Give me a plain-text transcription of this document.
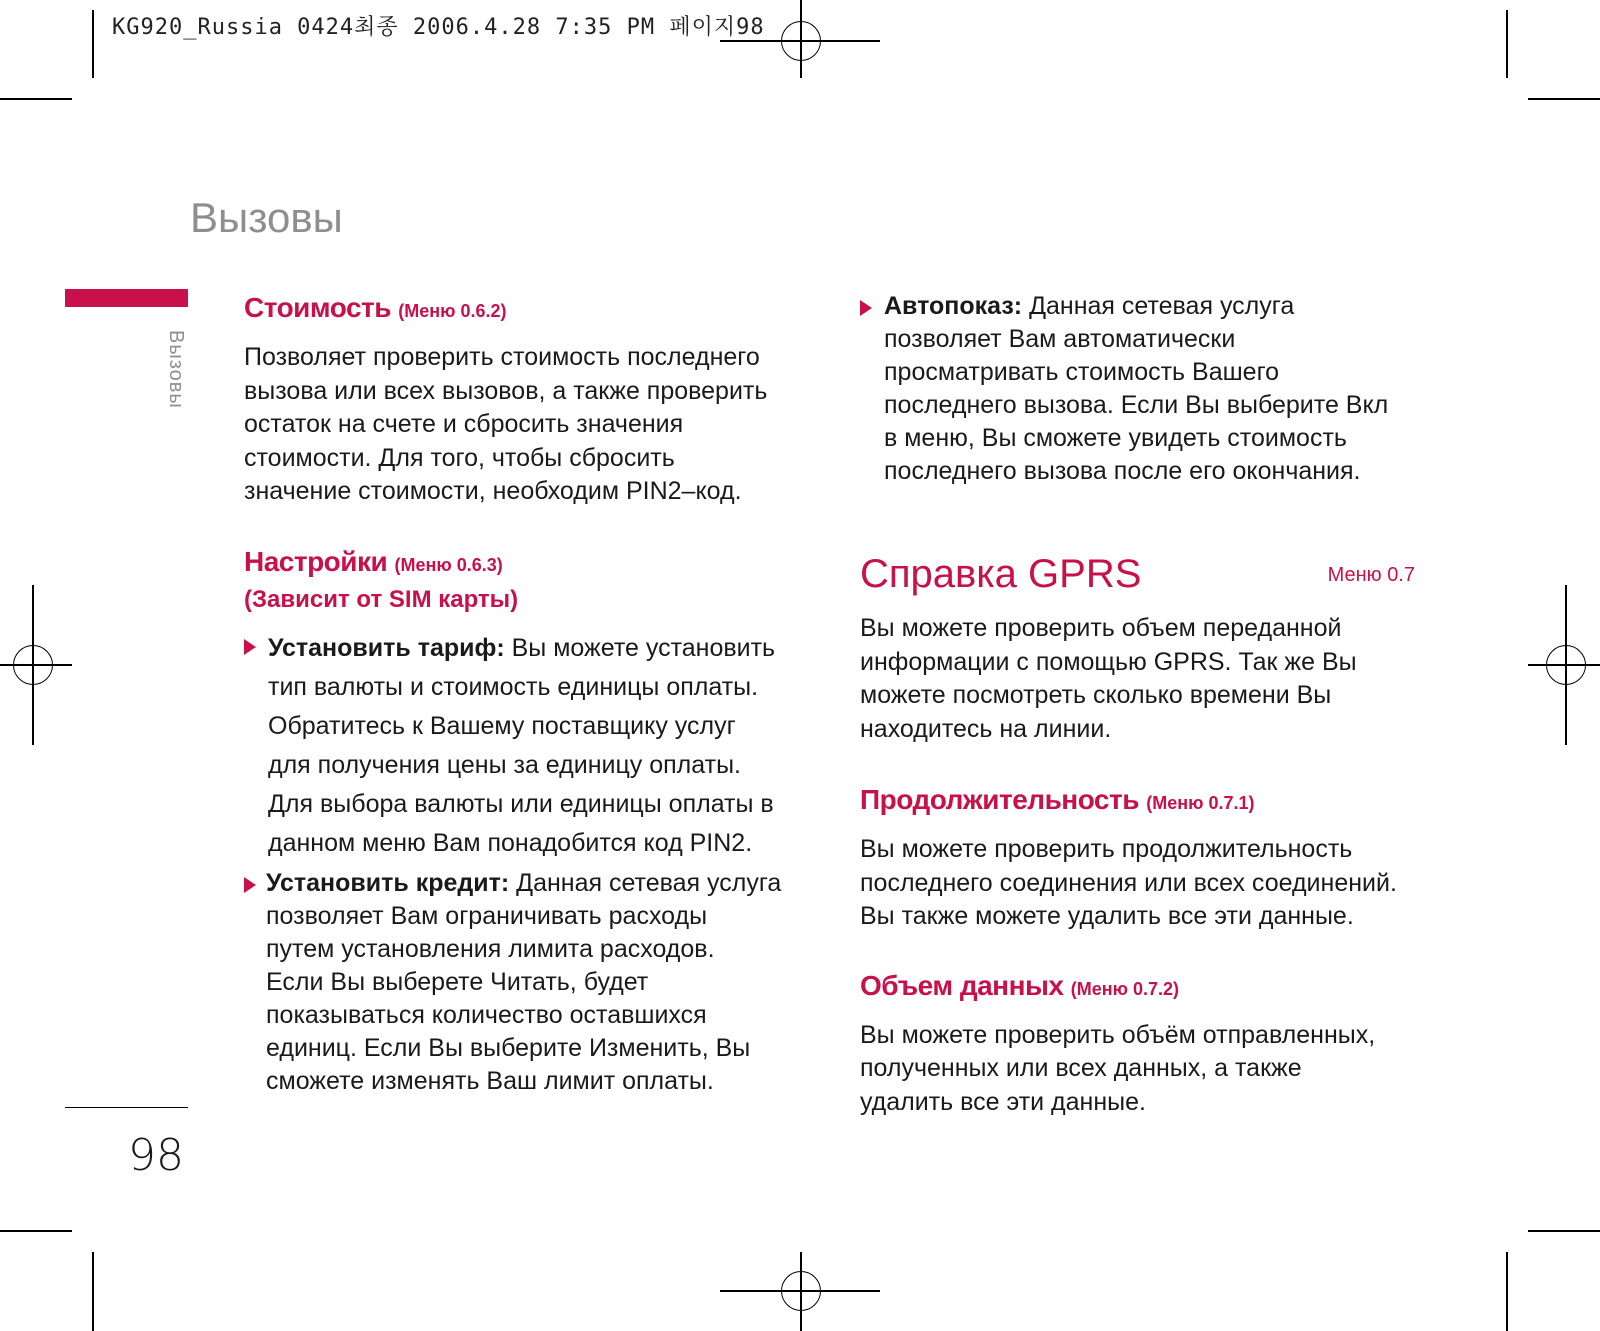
KG920_Russia 0424최종 2006.4.28 7:35 PM 페이지98
Вызовы
Вызовы
98

Стоимость (Меню 0.6.2)

Позволяет проверить стоимость последнего

вызова или всех вызовов, а также проверить

остаток на счете и сбросить значения

стоимости. Для того, чтобы сбросить

значение стоимости, необходим PIN2–код.

Настройки (Меню 0.6.3)

(Зависит от SIM карты)

Установить тариф: Вы можете установить
тип валюты и стоимость единицы оплаты.
Обратитесь к Вашему поставщику услуг
для получения цены за единицу оплаты.
Для выбора валюты или единицы оплаты в
данном меню Вам понадобится код PIN2.
Установить кредит: Данная сетевая услуга
позволяет Вам ограничивать расходы
путем установления лимита расходов.
Если Вы выберете Читать, будет
показываться количество оставшихся
единиц. Если Вы выберите Изменить, Вы
сможете изменять Ваш лимит оплаты.
Автопоказ: Данная сетевая услуга
позволяет Вам автоматически
просматривать стоимость Вашего
последнего вызова. Если Вы выберите Вкл
в меню, Вы сможете увидеть стоимость
последнего вызова после его окончания.
Справка GPRS	Меню 0.7

Вы можете проверить объем переданной

информации с помощью GPRS. Так же Вы

можете посмотреть сколько времени Вы

находитесь на линии.

Продолжительность (Меню 0.7.1)

Вы можете проверить продолжительность

последнего соединения или всех соединений.

Вы также можете удалить все эти данные.

Объем данных (Меню 0.7.2)

Вы можете проверить объём отправленных,

полученных или всех данных, а также

удалить все эти данные.
